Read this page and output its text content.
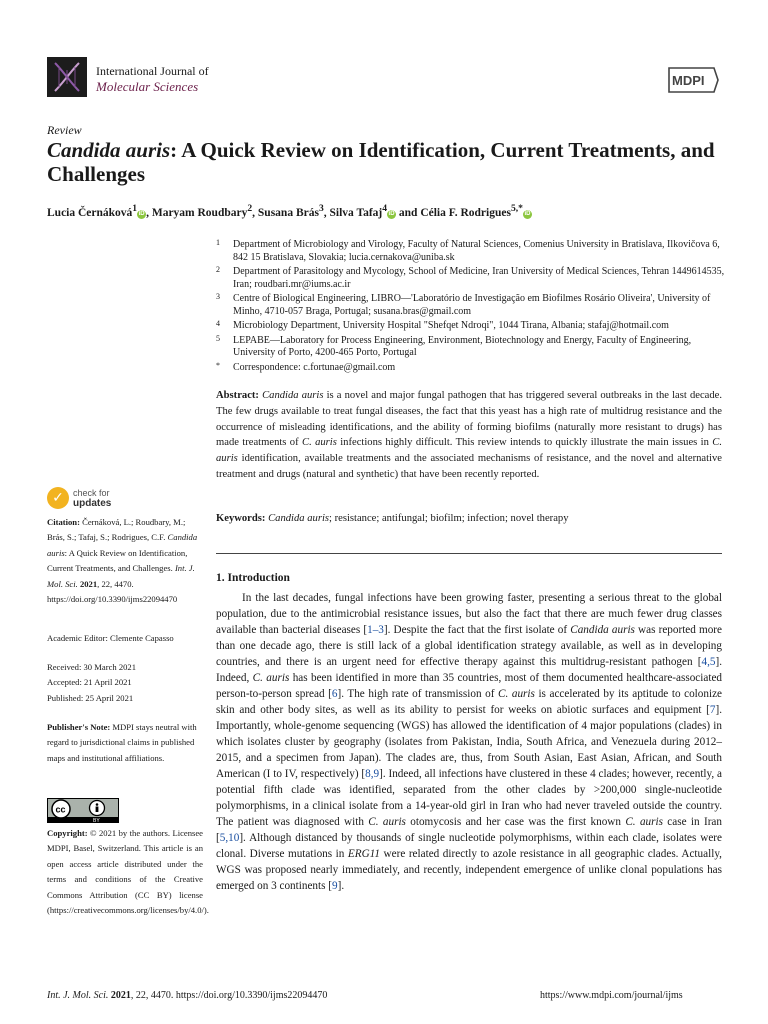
International Journal of
Molecular Sciences	MDPI
Review
Candida auris: A Quick Review on Identification, Current Treatments, and Challenges
Lucia Černáková$^1$ iD , Maryam Roudbary$^2$, Susana Brás$^3$, Silva Tafaj$^4$ iD and Célia F. Rodrigues$^{5,*}$ iD
1 Department of Microbiology and Virology, Faculty of Natural Sciences, Comenius University in Bratislava, Ilkovičova 6, 842 15 Bratislava, Slovakia; lucia.cernakova@uniba.sk
2 Department of Parasitology and Mycology, School of Medicine, Iran University of Medical Sciences, Tehran 1449614535, Iran; roudbari.mr@iums.ac.ir
3 Centre of Biological Engineering, LIBRO—'Laboratório de Investigação em Biofilmes Rosário Oliveira', University of Minho, 4710-057 Braga, Portugal; susana.bras@gmail.com
4 Microbiology Department, University Hospital "Shefqet Ndroqi", 1044 Tirana, Albania; stafaj@hotmail.com
5 LEPABE—Laboratory for Process Engineering, Environment, Biotechnology and Energy, Faculty of Engineering, University of Porto, 4200-465 Porto, Portugal
* Correspondence: c.fortunae@gmail.com
Abstract: Candida auris is a novel and major fungal pathogen that has triggered several outbreaks in the last decade. The few drugs available to treat fungal diseases, the fact that this yeast has a high rate of multidrug resistance and the occurrence of misleading identifications, and the ability of forming biofilms (naturally more resistant to drugs) has made treatments of C. auris infections highly difficult. This review intends to quickly illustrate the main issues in C. auris identification, available treatments and the associated mechanisms of resistance, and the novel and alternative treatment and drugs (natural and synthetic) that have been recently reported.
Keywords: Candida auris; resistance; antifungal; biofilm; infection; novel therapy
1. Introduction
In the last decades, fungal infections have been growing faster, presenting a serious threat to the global population, due to the antimicrobial resistance issues, but also the fact that there are much fewer drug classes available than bacterial diseases [1–3]. Despite the fact that the first isolate of Candida auris was reported more than one decade ago, there is still lack of a global identification strategy available, as well as in developing countries, and there is an urgent need for effective therapy against this multidrug-resistant pathogen [4,5]. Indeed, C. auris has been identified in more than 35 countries, most of them documented healthcare-associated person-to-person spread [6]. The high rate of transmission of C. auris is accelerated by its aptitude to colonize skin and other body sites, as well as its ability to persist for weeks on abiotic surfaces and equipment [7]. Importantly, whole-genome sequencing (WGS) has allowed the identification of 4 major populations (clades) in which isolates cluster by geography (isolates from Pakistan, India, South Africa, and Venezuela during 2012–2015, and a specimen from Japan). The clades are, thus, from South Asian, East Asian, African, and South American (I to IV, respectively) [8,9]. Indeed, all infections have clustered in these 4 clades; however, recently, a potential fifth clade was identified, separated from the other clades by >200,000 single-nucleotide polymorphisms, in a clinical isolate from a 14-year-old girl in Iran who had never traveled outside the country. The patient was diagnosed with C. auris otomycosis and her case was the first known C. auris case in Iran [5,10]. Although distanced by thousands of single nucleotide polymorphisms, within each clade, isolates were clonal. Diverse mutations in ERG11 were related directly to azole resistance in all geographic clades. Actually, WGS was proposed nearly immediately, and recently, independent emergence of unlike clonal populations has emerged on 3 continents [9].
✓	check for
updates
Citation: Černáková, L.; Roudbary, M.; Brás, S.; Tafaj, S.; Rodrigues, C.F. Candida auris: A Quick Review on Identification, Current Treatments, and Challenges. Int. J. Mol. Sci. 2021, 22, 4470. https://doi.org/10.3390/ijms22094470
Academic Editor: Clemente Capasso
Received: 30 March 2021
Accepted: 21 April 2021
Published: 25 April 2021
Publisher's Note: MDPI stays neutral with regard to jurisdictional claims in published maps and institutional affiliations.
cc
BY
Copyright: © 2021 by the authors. Licensee MDPI, Basel, Switzerland. This article is an open access article distributed under the terms and conditions of the Creative Commons Attribution (CC BY) license (https://creativecommons.org/licenses/by/4.0/).
Int. J. Mol. Sci. 2021, 22, 4470. https://doi.org/10.3390/ijms22094470	https://www.mdpi.com/journal/ijms
